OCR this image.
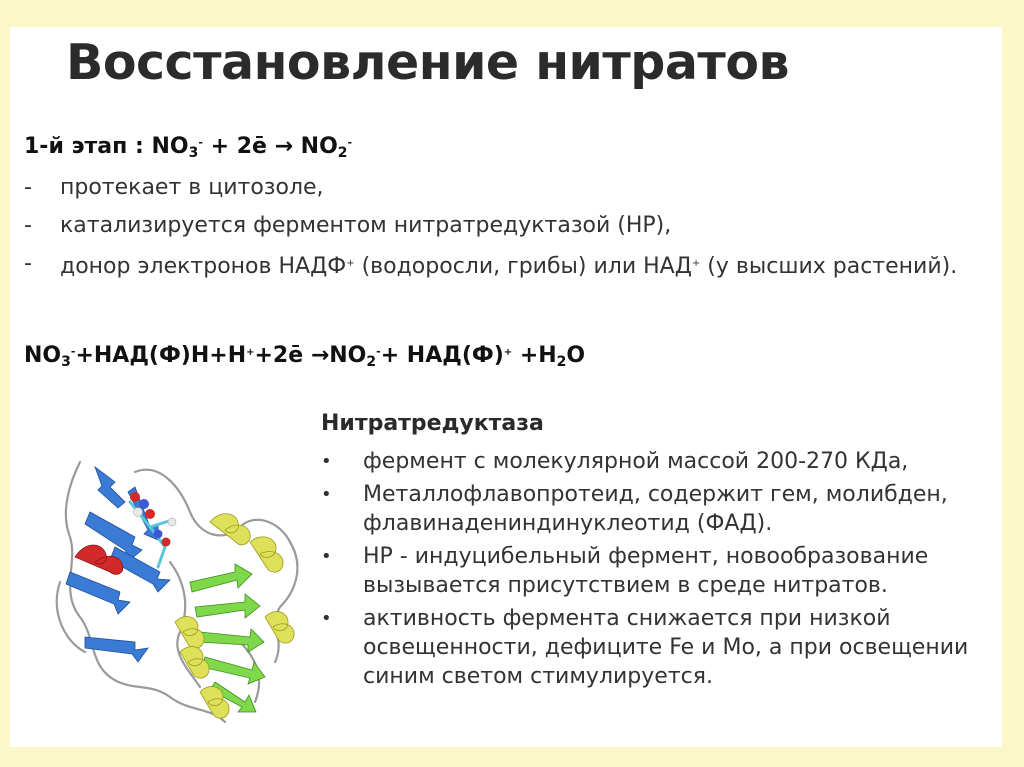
Восстановление нитратов
1-й этап : $NO_3^-$ + 2ē → $NO_2^-$
-	протекает в цитозоле,
-	катализируется ферментом нитратредуктазой (НР),
-	донор электронов НАДФ+ (водоросли, грибы) или НАД+ (у высших растений).
$NO_3^-+НАД(Ф)Н+Н^++2ē \to NO_2^-+ НАД(Ф)^+ +H_2O$
Нитратредуктаза
•	фермент с молекулярной массой 200-270 КДа,
•	Металлофлавопротеид, содержит гем, молибден, флавинадениндинуклеотид (ФАД).
•	НР - индуцибельный фермент, новообразование вызывается присутствием в среде нитратов.
•	активность фермента снижается при низкой освещенности, дефиците Fe и Mo, а при освещении синим светом стимулируется.
